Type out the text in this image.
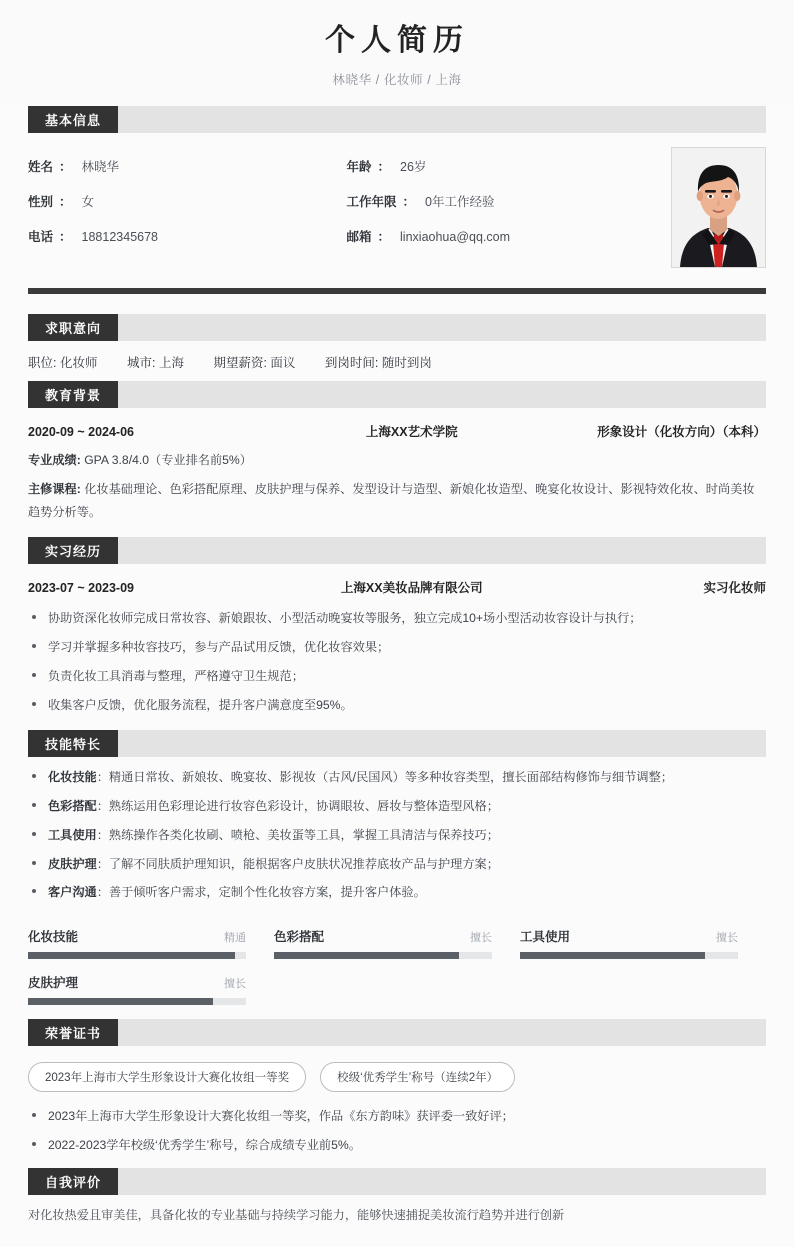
个人简历

林晓华 / 化妆师 / 上海

基本信息
姓名 ： 林晓华	年龄 ： 26岁
性别 ： 女	工作年限 ： 0年工作经验
电话 ： 18812345678	邮箱 ： linxiaohua@qq.com
求职意向
职位: 化妆师 城市: 上海 期望薪资: 面议 到岗时间: 随时到岗
教育背景
2020-09 ~ 2024-06	上海XX艺术学院	形象设计（化妆方向）（本科）
专业成绩: GPA 3.8/4.0（专业排名前5%）
主修课程: 化妆基础理论、色彩搭配原理、皮肤护理与保养、发型设计与造型、新娘化妆造型、晚宴化妆设计、影视特效化妆、时尚美妆趋势分析等。
实习经历
2023-07 ~ 2023-09	上海XX美妆品牌有限公司	实习化妆师
协助资深化妆师完成日常妆容、新娘跟妆、小型活动晚宴妆等服务，独立完成10+场小型活动妆容设计与执行；
学习并掌握多种妆容技巧，参与产品试用反馈，优化妆容效果；
负责化妆工具消毒与整理，严格遵守卫生规范；
收集客户反馈，优化服务流程，提升客户满意度至95%。
技能特长
化妆技能：精通日常妆、新娘妆、晚宴妆、影视妆（古风/民国风）等多种妆容类型，擅长面部结构修饰与细节调整；
色彩搭配：熟练运用色彩理论进行妆容色彩设计，协调眼妆、唇妆与整体造型风格；
工具使用：熟练操作各类化妆刷、喷枪、美妆蛋等工具，掌握工具清洁与保养技巧；
皮肤护理：了解不同肤质护理知识，能根据客户皮肤状况推荐底妆产品与护理方案；
客户沟通：善于倾听客户需求，定制个性化妆容方案，提升客户体验。
化妆技能	精通 色彩搭配	擅长 工具使用	擅长
皮肤护理	擅长
荣誉证书
2023年上海市大学生形象设计大赛化妆组一等奖	校级‘优秀学生’称号（连续2年）
2023年上海市大学生形象设计大赛化妆组一等奖，作品《东方韵味》获评委一致好评；
2022-2023学年校级‘优秀学生’称号，综合成绩专业前5%。
自我评价
对化妆热爱且审美佳，具备化妆的专业基础与持续学习能力，能够快速捕捉美妆流行趋势并进行创新
